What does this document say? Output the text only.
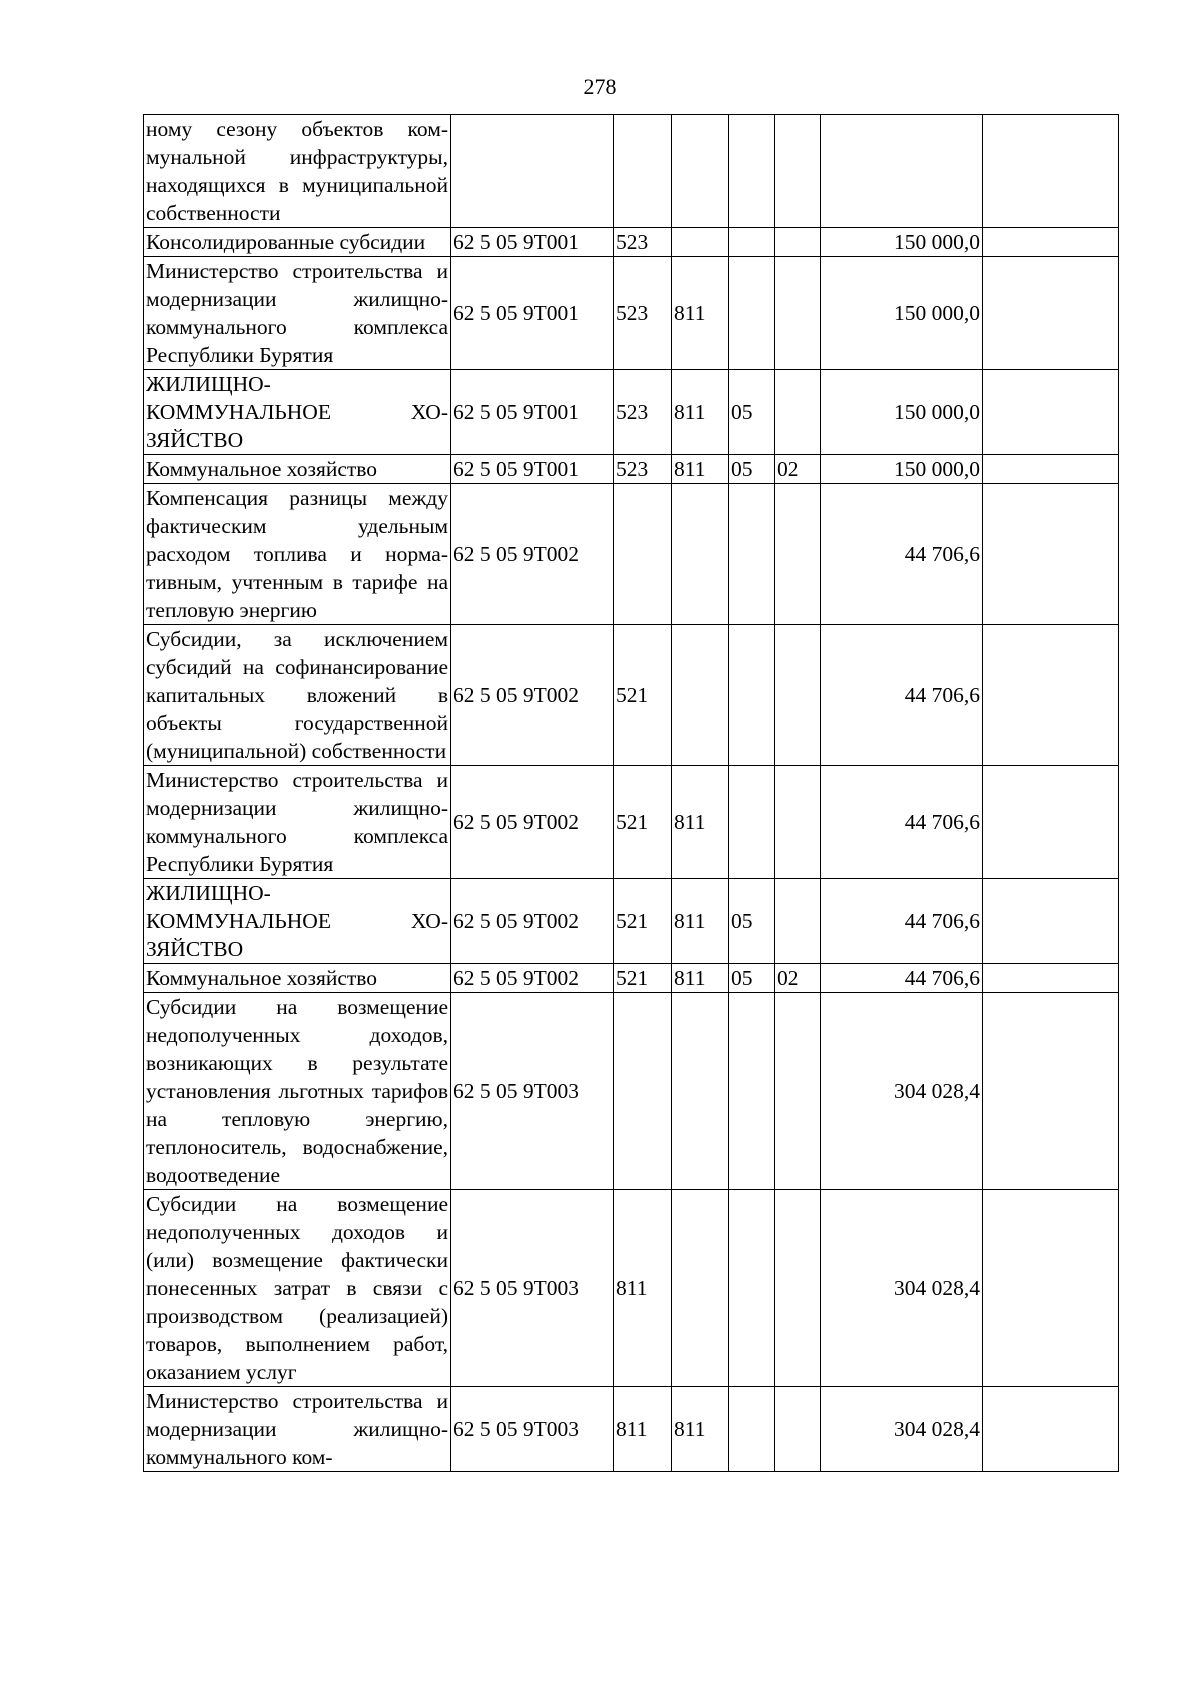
278
ному сезону объектов коммунальной инфраструктуры, находящихся в муниципальной собственности							
Консолидированные субсидии	62 5 05 9Т001	523				150 000,0	
Министерство строительства и модернизации жилищно-коммунального комплекса Республики Бурятия	62 5 05 9Т001	523	811			150 000,0	
ЖИЛИЩНО-КОММУНАЛЬНОЕ ХОЗЯЙСТВО	62 5 05 9Т001	523	811	05		150 000,0	
Коммунальное хозяйство	62 5 05 9Т001	523	811	05	02	150 000,0	
Компенсация разницы между фактическим удельным расходом топлива и нормативным, учтенным в тарифе на тепловую энергию	62 5 05 9Т002					44 706,6	
Субсидии, за исключением субсидий на софинансирование капитальных вложений в объекты государственной (муниципальной) собственности	62 5 05 9Т002	521				44 706,6	
Министерство строительства и модернизации жилищно-коммунального комплекса Республики Бурятия	62 5 05 9Т002	521	811			44 706,6	
ЖИЛИЩНО-КОММУНАЛЬНОЕ ХОЗЯЙСТВО	62 5 05 9Т002	521	811	05		44 706,6	
Коммунальное хозяйство	62 5 05 9Т002	521	811	05	02	44 706,6	
Субсидии на возмещение недополученных доходов, возникающих в результате установления льготных тарифов на тепловую энергию, теплоноситель, водоснабжение, водоотведение	62 5 05 9Т003					304 028,4	
Субсидии на возмещение недополученных доходов и (или) возмещение фактически понесенных затрат в связи с производством (реализацией) товаров, выполнением работ, оказанием услуг	62 5 05 9Т003	811				304 028,4	
Министерство строительства и модернизации жилищно-коммунального ком-	62 5 05 9Т003	811	811			304 028,4	
